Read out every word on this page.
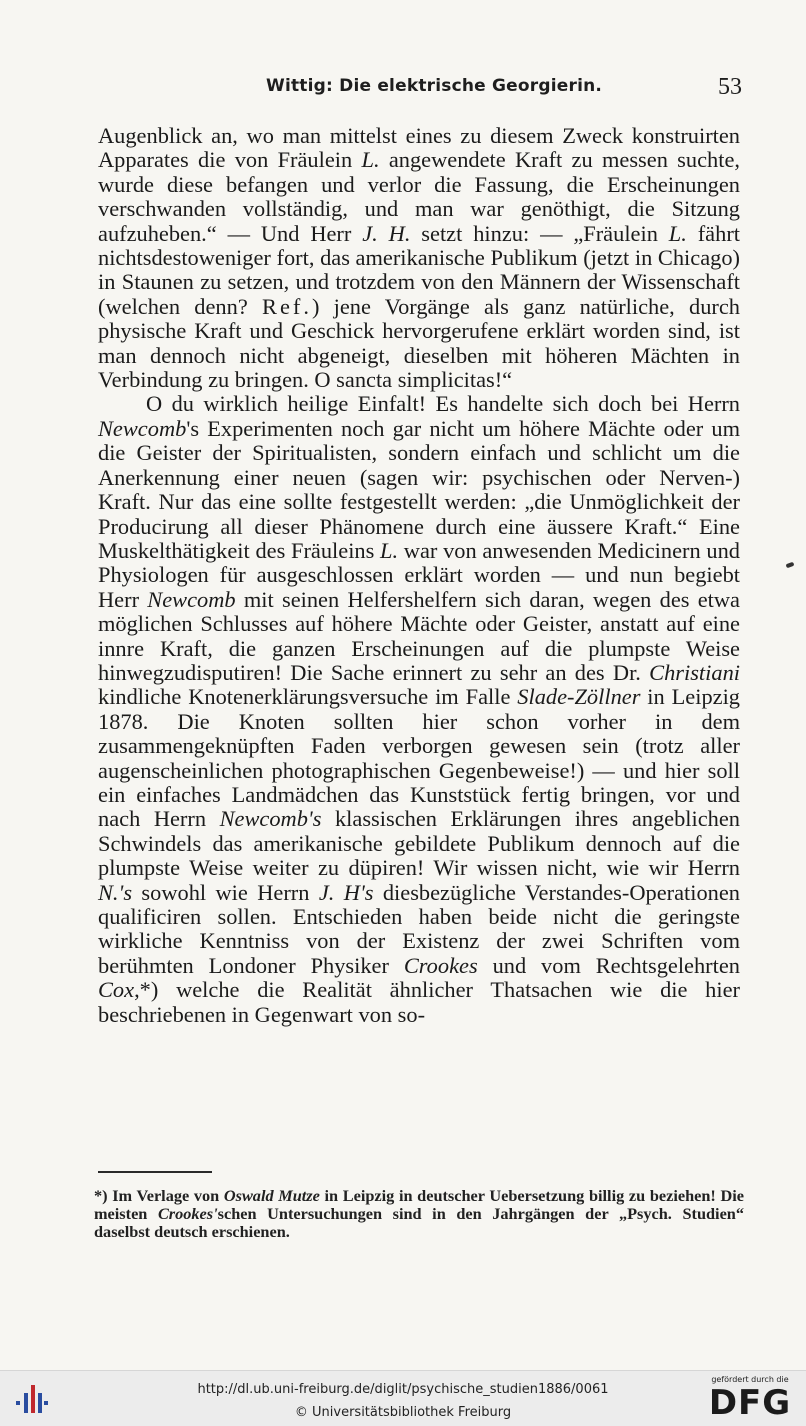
Wittig: Die elektrische Georgierin.	53

Augenblick an, wo man mittelst eines zu diesem Zweck konstruirten Apparates die von Fräulein L. angewendete Kraft zu messen suchte, wurde diese befangen und verlor die Fassung, die Erscheinungen verschwanden vollständig, und man war genöthigt, die Sitzung aufzuheben.“ — Und Herr J. H. setzt hinzu: — „Fräulein L. fährt nichtsdestoweniger fort, das amerikanische Publikum (jetzt in Chicago) in Staunen zu setzen, und trotzdem von den Männern der Wissenschaft (welchen denn? Ref.) jene Vorgänge als ganz natürliche, durch physische Kraft und Geschick hervorgerufene erklärt worden sind, ist man dennoch nicht abgeneigt, dieselben mit höheren Mächten in Verbindung zu bringen. O sancta simplicitas!“

O du wirklich heilige Einfalt! Es handelte sich doch bei Herrn Newcomb's Experimenten noch gar nicht um höhere Mächte oder um die Geister der Spiritualisten, sondern einfach und schlicht um die Anerkennung einer neuen (sagen wir: psychischen oder Nerven-) Kraft. Nur das eine sollte festgestellt werden: „die Unmöglichkeit der Producirung all dieser Phänomene durch eine äussere Kraft.“ Eine Muskelthätigkeit des Fräuleins L. war von anwesenden Medicinern und Physiologen für ausgeschlossen erklärt worden — und nun begiebt Herr Newcomb mit seinen Helfershelfern sich daran, wegen des etwa möglichen Schlusses auf höhere Mächte oder Geister, anstatt auf eine innre Kraft, die ganzen Erscheinungen auf die plumpste Weise hinwegzudisputiren! Die Sache erinnert zu sehr an des Dr. Christiani kindliche Knotenerklärungsversuche im Falle Slade-Zöllner in Leipzig 1878. Die Knoten sollten hier schon vorher in dem zusammengeknüpften Faden verborgen gewesen sein (trotz aller augenscheinlichen photographischen Gegenbeweise!) — und hier soll ein einfaches Landmädchen das Kunststück fertig bringen, vor und nach Herrn Newcomb's klassischen Erklärungen ihres angeblichen Schwindels das amerikanische gebildete Publikum dennoch auf die plumpste Weise weiter zu düpiren! Wir wissen nicht, wie wir Herrn N.'s sowohl wie Herrn J. H's diesbezügliche Verstandes-Operationen qualificiren sollen. Entschieden haben beide nicht die geringste wirkliche Kenntniss von der Existenz der zwei Schriften vom berühmten Londoner Physiker Crookes und vom Rechtsgelehrten Cox,*) welche die Realität ähnlicher Thatsachen wie die hier beschriebenen in Gegenwart von so-

*) Im Verlage von Oswald Mutze in Leipzig in deutscher Uebersetzung billig zu beziehen! Die meisten Crookes'schen Untersuchungen sind in den Jahrgängen der „Psych. Studien“ daselbst deutsch erschienen.
http://dl.ub.uni-freiburg.de/diglit/psychische_studien1886/0061
© Universitätsbibliothek Freiburg
gefördert durch die
DFG
